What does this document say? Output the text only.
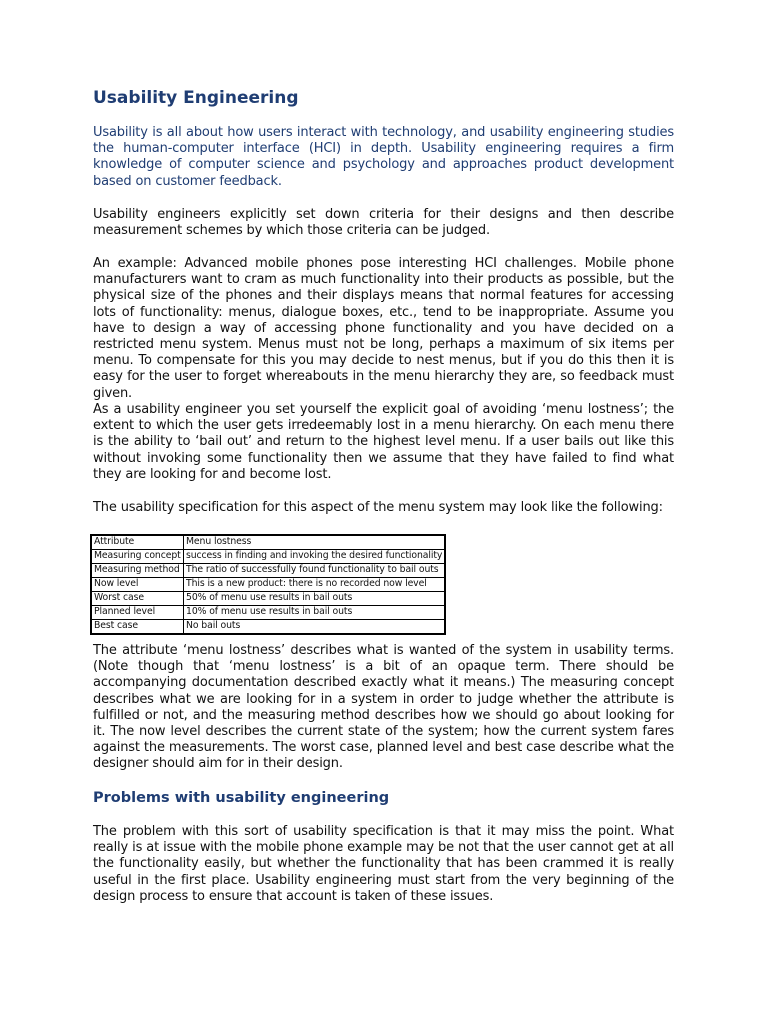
Usability Engineering

Usability is all about how users interact with technology, and usability engineering studies the human-computer interface (HCI) in depth. Usability engineering requires a firm knowledge of computer science and psychology and approaches product development based on customer feedback.

Usability engineers explicitly set down criteria for their designs and then describe measurement schemes by which those criteria can be judged.

An example: Advanced mobile phones pose interesting HCI challenges. Mobile phone manufacturers want to cram as much functionality into their products as possible, but the physical size of the phones and their displays means that normal features for accessing lots of functionality: menus, dialogue boxes, etc., tend to be inappropriate. Assume you have to design a way of accessing phone functionality and you have decided on a restricted menu system. Menus must not be long, perhaps a maximum of six items per menu. To compensate for this you may decide to nest menus, but if you do this then it is easy for the user to forget whereabouts in the menu hierarchy they are, so feedback must given.

As a usability engineer you set yourself the explicit goal of avoiding ‘menu lostness’; the extent to which the user gets irredeemably lost in a menu hierarchy. On each menu there is the ability to ‘bail out’ and return to the highest level menu. If a user bails out like this without invoking some functionality then we assume that they have failed to find what they are looking for and become lost.

The usability specification for this aspect of the menu system may look like the following:

Attribute	Menu lostness
Measuring concept	success in finding and invoking the desired functionality
Measuring method	The ratio of successfully found functionality to bail outs
Now level	This is a new product: there is no recorded now level
Worst case	50% of menu use results in bail outs
Planned level	10% of menu use results in bail outs
Best case	No bail outs

The attribute ‘menu lostness’ describes what is wanted of the system in usability terms. (Note though that ‘menu lostness’ is a bit of an opaque term. There should be accompanying documentation described exactly what it means.) The measuring concept describes what we are looking for in a system in order to judge whether the attribute is fulfilled or not, and the measuring method describes how we should go about looking for it. The now level describes the current state of the system; how the current system fares against the measurements. The worst case, planned level and best case describe what the designer should aim for in their design.

Problems with usability engineering

The problem with this sort of usability specification is that it may miss the point. What really is at issue with the mobile phone example may be not that the user cannot get at all the functionality easily, but whether the functionality that has been crammed it is really useful in the first place. Usability engineering must start from the very beginning of the design process to ensure that account is taken of these issues.
